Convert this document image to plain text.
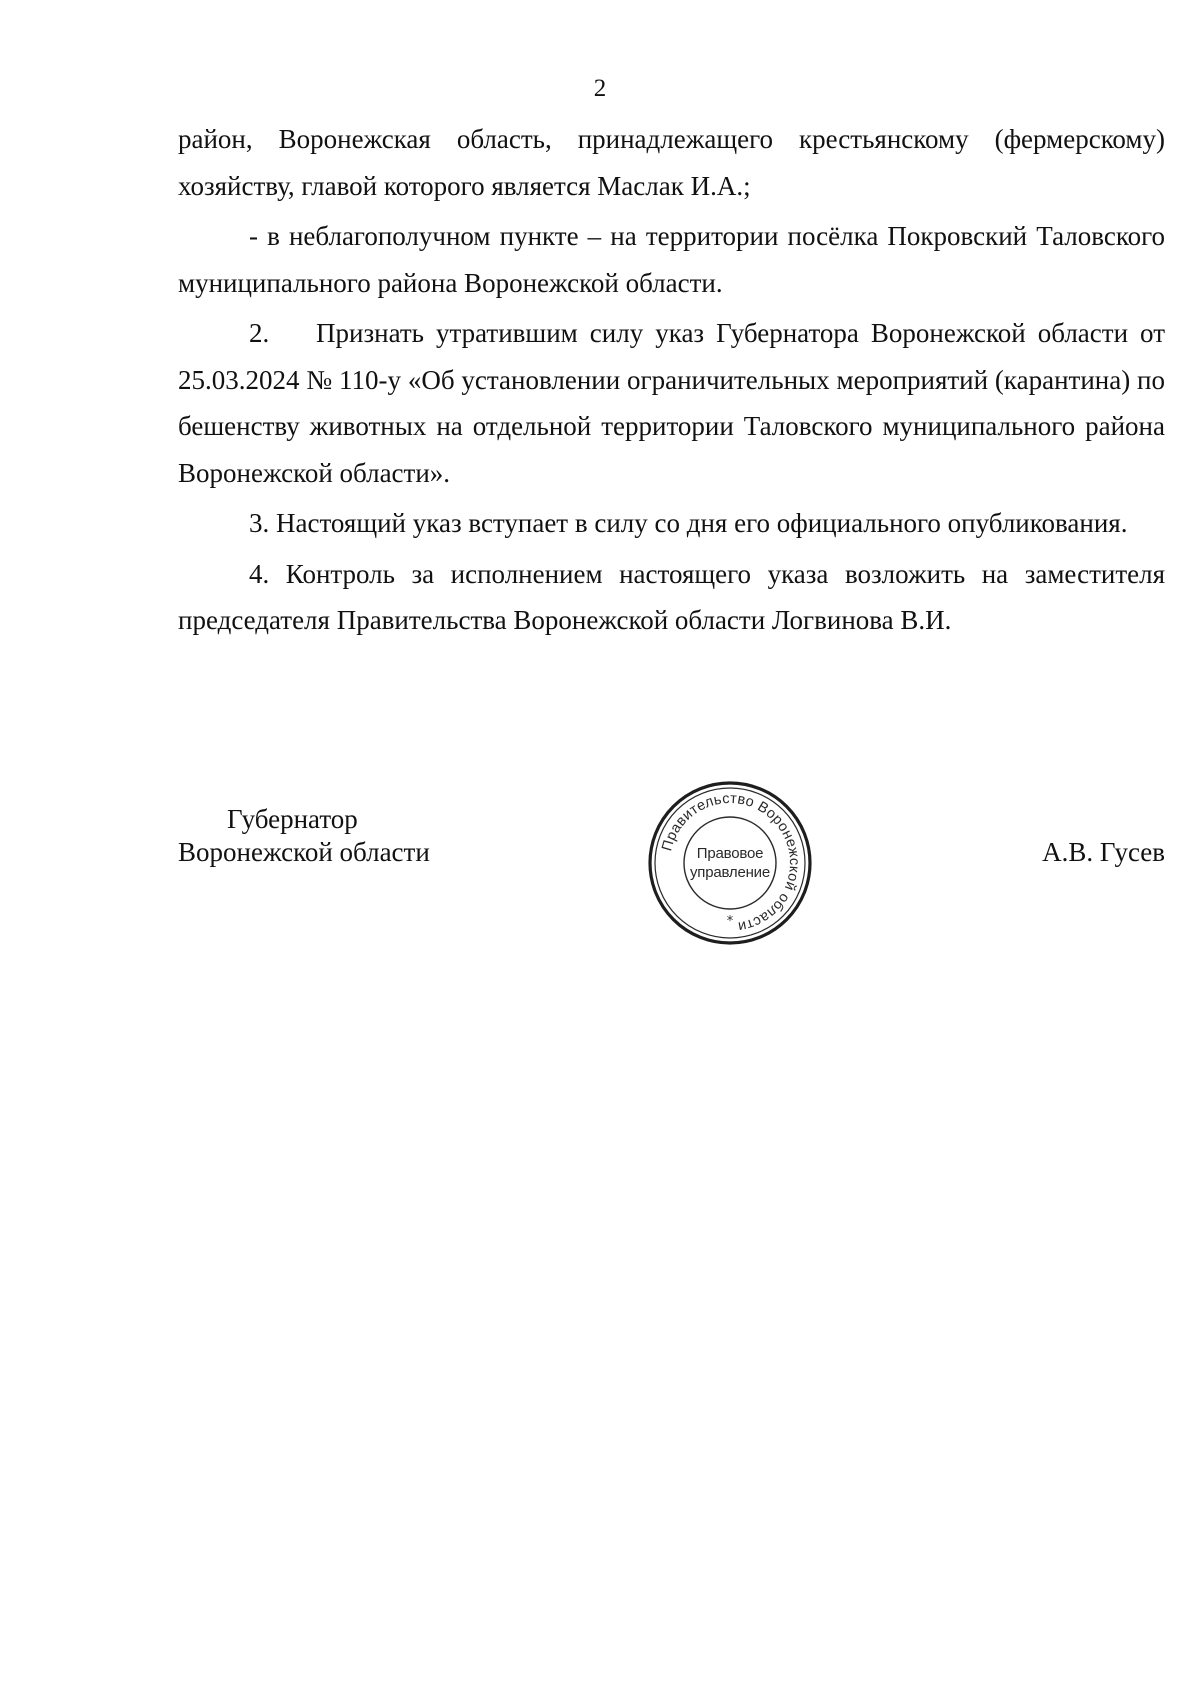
2

район, Воронежская область, принадлежащего крестьянскому (фермерскому) хозяйству, главой которого является Маслак И.А.;

- в неблагополучном пункте – на территории посёлка Покровский Таловского муниципального района Воронежской области.

2. Признать утратившим силу указ Губернатора Воронежской области от 25.03.2024 № 110-у «Об установлении ограничительных мероприятий (карантина) по бешенству животных на отдельной территории Таловского муниципального района Воронежской области».

3. Настоящий указ вступает в силу со дня его официального опубликования.

4. Контроль за исполнением настоящего указа возложить на заместителя председателя Правительства Воронежской области Логвинова В.И.

Губернатор
Воронежской области	Правительство Воронежской области
Правовое
управление
*
А.В. Гусев
